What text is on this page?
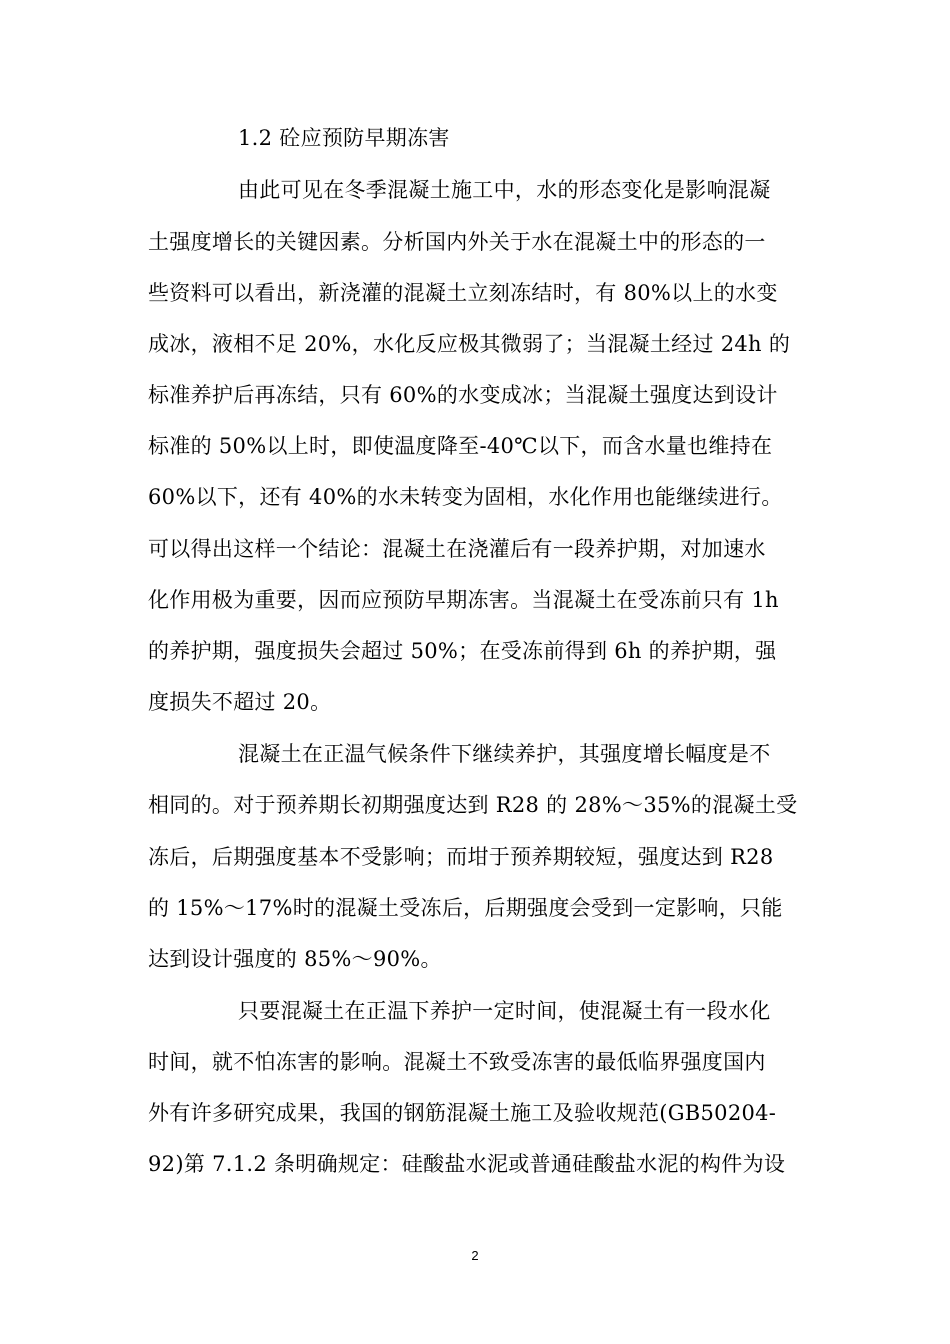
1.2 砼应预防早期冻害
由此可见在冬季混凝土施工中，水的形态变化是影响混凝
土强度增长的关键因素。分析国内外关于水在混凝土中的形态的一
些资料可以看出，新浇灌的混凝土立刻冻结时，有 80%以上的水变
成冰，液相不足 20%，水化反应极其微弱了；当混凝土经过 24h 的
标准养护后再冻结，只有 60%的水变成冰；当混凝土强度达到设计
标准的 50%以上时，即使温度降至-40℃以下，而含水量也维持在
60%以下，还有 40%的水未转变为固相，水化作用也能继续进行。
可以得出这样一个结论：混凝土在浇灌后有一段养护期，对加速水
化作用极为重要，因而应预防早期冻害。当混凝土在受冻前只有 1h
的养护期，强度损失会超过 50%；在受冻前得到 6h 的养护期，强
度损失不超过 20。
混凝土在正温气候条件下继续养护，其强度增长幅度是不
相同的。对于预养期长初期强度达到 R28 的 28%～35%的混凝土受
冻后，后期强度基本不受影响；而坩于预养期较短，强度达到 R28
的 15%～17%时的混凝土受冻后，后期强度会受到一定影响，只能
达到设计强度的 85%～90%。
只要混凝土在正温下养护一定时间，使混凝土有一段水化
时间，就不怕冻害的影响。混凝土不致受冻害的最低临界强度国内
外有许多研究成果，我国的钢筋混凝土施工及验收规范(GB50204-
92)第 7.1.2 条明确规定：硅酸盐水泥或普通硅酸盐水泥的构件为设
2
